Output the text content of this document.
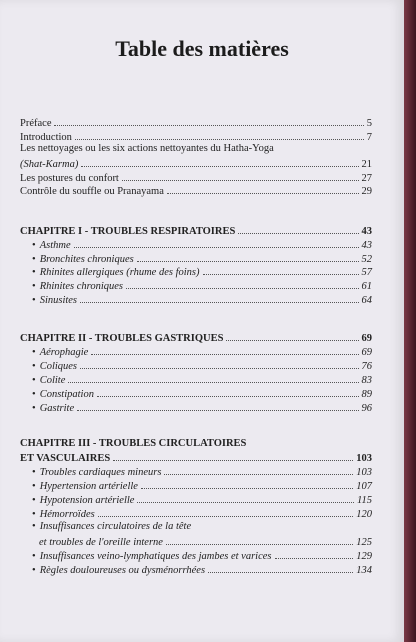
Table des matières
Préface	5
Introduction	7
Les nettoyages ou les six actions nettoyantes du Hatha-Yoga
(Shat-Karma)	21
Les postures du confort	27
Contrôle du souffle ou Pranayama	29
CHAPITRE I - TROUBLES RESPIRATOIRES	43
• Asthme	43
• Bronchites chroniques	52
• Rhinites allergiques (rhume des foins)	57
• Rhinites chroniques	61
• Sinusites	64
CHAPITRE II - TROUBLES GASTRIQUES	69
• Aérophagie	69
• Coliques	76
• Colite	83
• Constipation	89
• Gastrite	96
CHAPITRE III - TROUBLES CIRCULATOIRES
ET VASCULAIRES	103
• Troubles cardiaques mineurs	103
• Hypertension artérielle	107
• Hypotension artérielle	115
• Hémorroïdes	120
• Insuffisances circulatoires de la tête
et troubles de l'oreille interne	125
• Insuffisances veino-lymphatiques des jambes et varices	129
• Règles douloureuses ou dysménorrhées	134
